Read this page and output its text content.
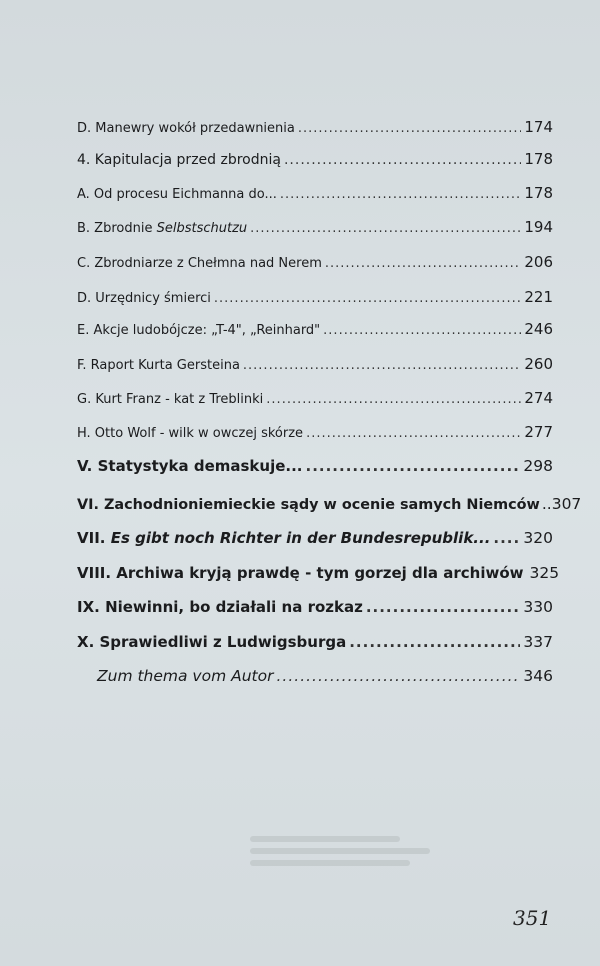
D. Manewry wokół przedawnienia .....	174
4. Kapitulacja przed zbrodnią .....	178
A. Od procesu Eichmanna do... .....	178
B. Zbrodnie Selbstschutzu .....	194
C. Zbrodniarze z Chełmna nad Nerem .....	206
D. Urzędnicy śmierci .....	221
E. Akcje ludobójcze: „T-4", „Reinhard" .....	246
F. Raport Kurta Gersteina .....	260
G. Kurt Franz - kat z Treblinki .....	274
H. Otto Wolf - wilk w owczej skórze .....	277
V. Statystyka demaskuje... .....	298
VI. Zachodnioniemieckie sądy w ocenie samych Niemców ..307
VII. Es gibt noch Richter in der Bundesrepublik... ..... 320
VIII. Archiwa kryją prawdę - tym gorzej dla archiwów 325
IX. Niewinni, bo działali na rozkaz .....	330
X. Sprawiedliwi z Ludwigsburga .....	337
Zum thema vom Autor .....	346
351
